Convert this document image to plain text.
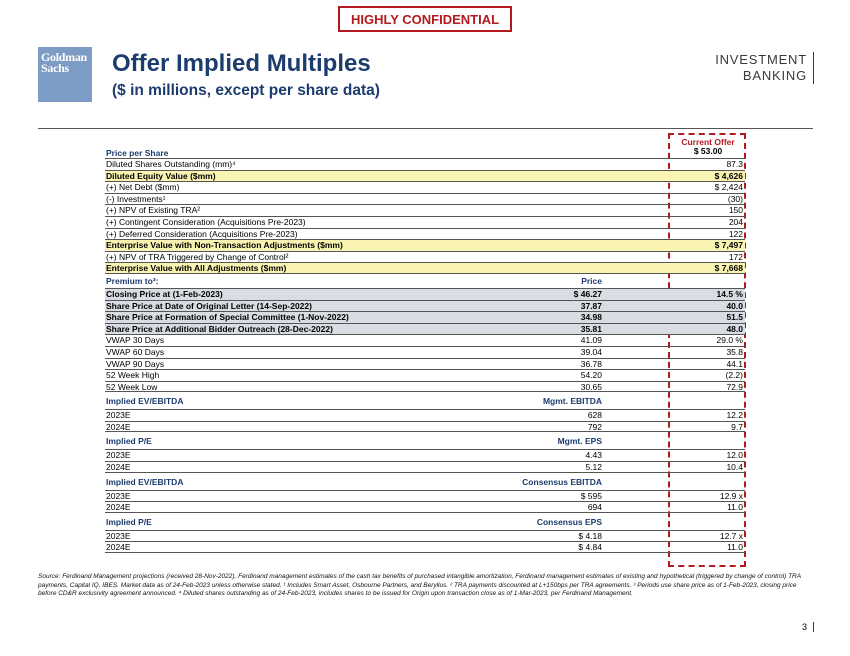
HIGHLY CONFIDENTIAL
Goldman
Sachs	Offer Implied Multiples
($ in millions, except per share data)
INVESTMENT
BANKING
Price per Share
Current Offer
$ 53.00
Diluted Shares Outstanding (mm)⁴	87.3
Diluted Equity Value ($mm)	$ 4,626
(+) Net Debt ($mm)	$ 2,424
(-) Investments¹	(30)
(+) NPV of Existing TRA²	150
(+) Contingent Consideration (Acquisitions Pre-2023)	204
(+) Deferred Consideration (Acquisitions Pre-2023)	122
Enterprise Value with Non-Transaction Adjustments ($mm)	$ 7,497
(+) NPV of TRA Triggered by Change of Control²	172
Enterprise Value with All Adjustments ($mm)	$ 7,668
Premium to³:	Price
Closing Price at (1-Feb-2023)	$ 46.27	14.5 %
Share Price at Date of Original Letter (14-Sep-2022)	37.87	40.0
Share Price at Formation of Special Committee (1-Nov-2022)	34.98	51.5
Share Price at Additional Bidder Outreach (28-Dec-2022)	35.81	48.0
VWAP 30 Days	41.09	29.0 %
VWAP 60 Days	39.04	35.8
VWAP 90 Days	36.78	44.1
52 Week High	54.20	(2.2)
52 Week Low	30.65	72.9
Implied EV/EBITDA	Mgmt. EBITDA
2023E	628	12.2
2024E	792	9.7
Implied P/E	Mgmt. EPS
2023E	4.43	12.0
2024E	5.12	10.4
Implied EV/EBITDA	Consensus EBITDA
2023E	$ 595	12.9 x
2024E	694	11.0
Implied P/E	Consensus EPS
2023E	$ 4.18	12.7 x
2024E	$ 4.84	11.0
Source: Ferdinand Management projections (received 28-Nov-2022), Ferdinand management estimates of the cash tax benefits of purchased intangible amortization, Ferdinand management estimates of existing and hypothetical (triggered by change of control) TRA payments, Capital IQ, IBES. Market data as of 24-Feb-2023 unless otherwise stated. ¹ Includes Smart Asset, Osbourne Partners, and Beryllus. ² TRA payments discounted at L+150bps per TRA agreements. ³ Periods use share price as of 1-Feb-2023, closing price before CD&R exclusivity agreement announced. ⁴ Diluted shares outstanding as of 24-Feb-2023, includes shares to be issued for Origin upon transaction close as of 1-Mar-2023, per Ferdinand Management.
3
